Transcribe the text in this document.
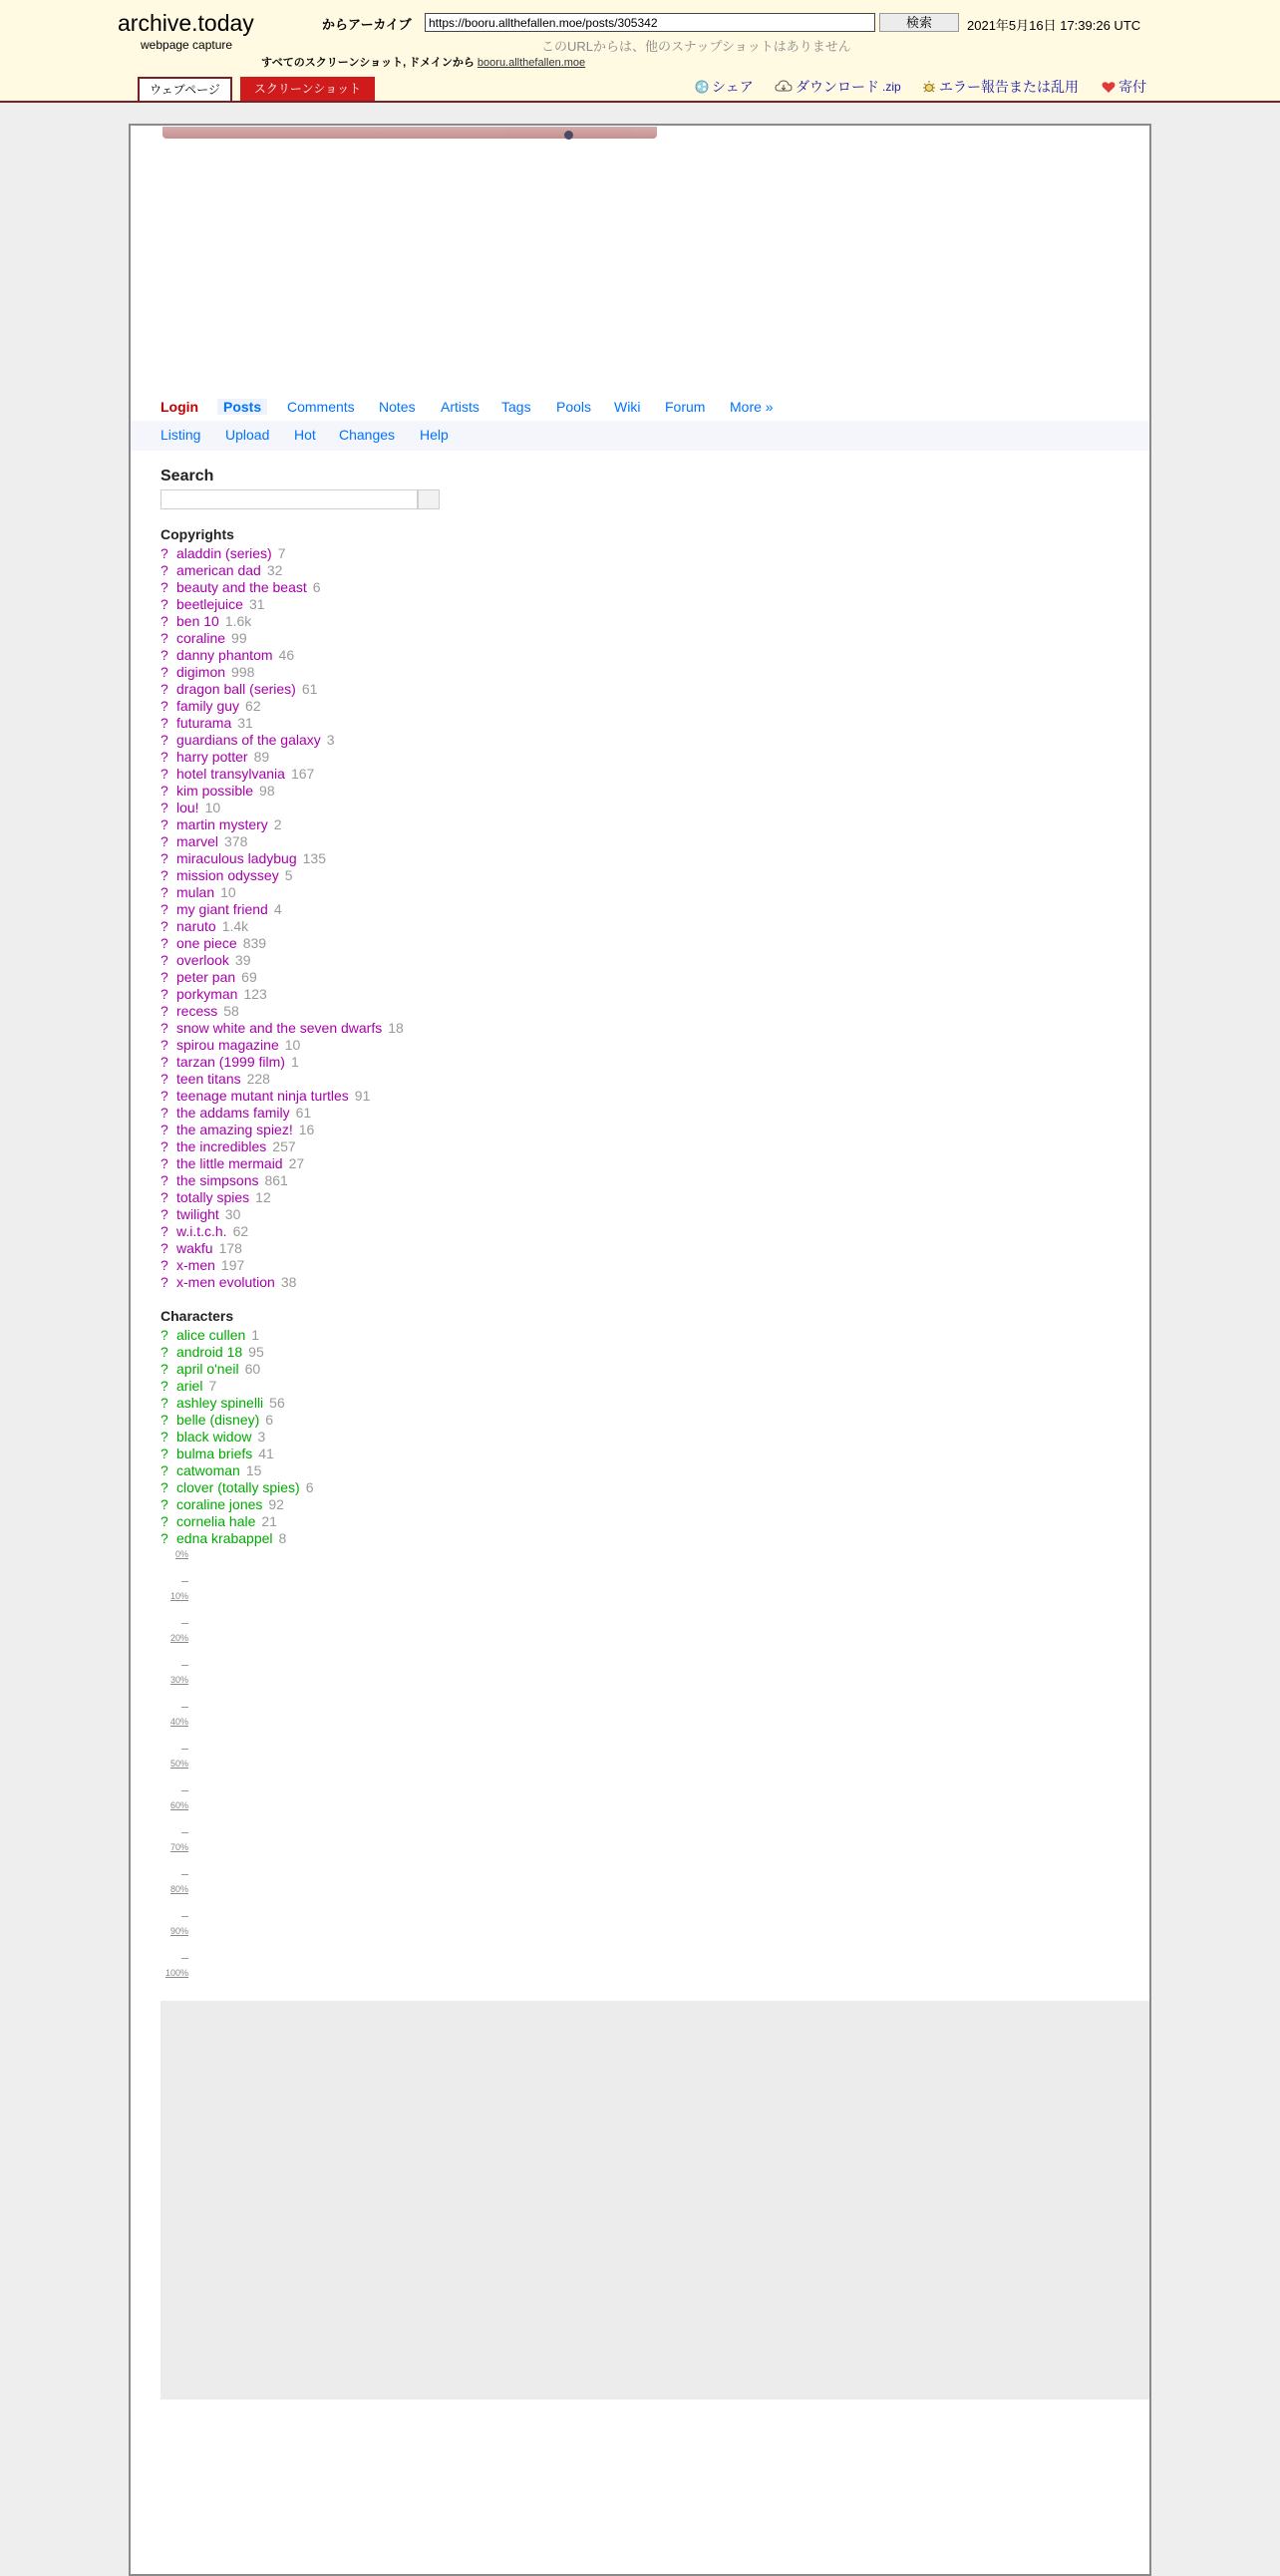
archive.today
webpage capture
からアーカイブ
https://booru.allthefallen.moe/posts/305342	検索	2021年5月16日 17:39:26 UTC
このURLからは、他のスナップショットはありません
すべてのスクリーンショット, ドメインから booru.allthefallen.moe
ウェブページ	スクリーンショット	シェア	ダウンロード .zip	エラー報告または乱用	寄付
Login	Posts	Comments Notes Artists Tags Pools Wiki Forum More »
Listing Upload Hot Changes Help
Search
Copyrights
? aladdin (series) 7
? american dad 32
? beauty and the beast 6
? beetlejuice 31
? ben 10 1.6k
? coraline 99
? danny phantom 46
? digimon 998
? dragon ball (series) 61
? family guy 62
? futurama 31
? guardians of the galaxy 3
? harry potter 89
? hotel transylvania 167
? kim possible 98
? lou! 10
? martin mystery 2
? marvel 378
? miraculous ladybug 135
? mission odyssey 5
? mulan 10
? my giant friend 4
? naruto 1.4k
? one piece 839
? overlook 39
? peter pan 69
? porkyman 123
? recess 58
? snow white and the seven dwarfs 18
? spirou magazine 10
? tarzan (1999 film) 1
? teen titans 228
? teenage mutant ninja turtles 91
? the addams family 61
? the amazing spiez! 16
? the incredibles 257
? the little mermaid 27
? the simpsons 861
? totally spies 12
? twilight 30
? w.i.t.c.h. 62
? wakfu 178
? x-men 197
? x-men evolution 38
Characters
? alice cullen 1
? android 18 95
? april o'neil 60
? ariel 7
? ashley spinelli 56
? belle (disney) 6
? black widow 3
? bulma briefs 41
? catwoman 15
? clover (totally spies) 6
? coraline jones 92
? cornelia hale 21
? edna krabappel 8
0%
10%
20%
30%
40%
50%
60%
70%
80%
90%
100%
